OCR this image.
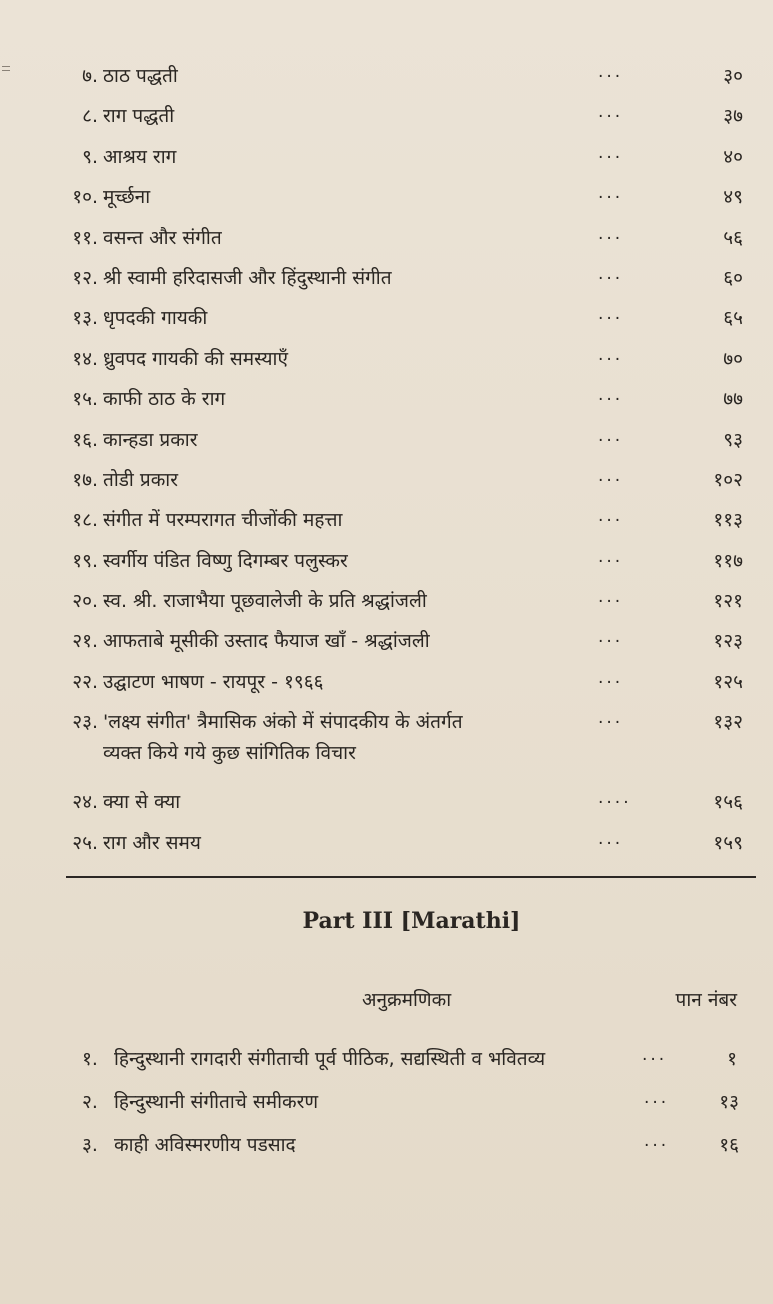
७. ठाठ पद्धती	...	३०
८. राग पद्धती	...	३७
९. आश्रय राग	...	४०
१०. मूर्च्छना	...	४९
११. वसन्त और संगीत	...	५६
१२. श्री स्वामी हरिदासजी और हिंदुस्थानी संगीत	...	६०
१३. धृपदकी गायकी	...	६५
१४. ध्रुवपद गायकी की समस्याएँ	...	७०
१५. काफी ठाठ के राग	...	७७
१६. कान्हडा प्रकार	...	९३
१७. तोडी प्रकार	...	१०२
१८. संगीत में परम्परागत चीजोंकी महत्ता	...	११३
१९. स्वर्गीय पंडित विष्णु दिगम्बर पलुस्कर	...	११७
२०. स्व. श्री. राजाभैया पूछवालेजी के प्रति श्रद्धांजली	...	१२१
२१. आफताबे मूसीकी उस्ताद फैयाज खाँ - श्रद्धांजली	...	१२३
२२. उद्घाटण भाषण - रायपूर - १९६६	...	१२५
२३. 'लक्ष्य संगीत' त्रैमासिक अंको में संपादकीय के अंतर्गत
व्यक्त किये गये कुछ सांगितिक विचार
...	१३२
२४. क्या से क्या	....	१५६
२५. राग और समय	...	१५९
Part III [Marathi]
अनुक्रमणिका	पान नंबर
१. हिन्दुस्थानी रागदारी संगीताची पूर्व पीठिक, सद्यस्थिती व भवितव्य	...	१
२. हिन्दुस्थानी संगीताचे समीकरण	...	१३
३. काही अविस्मरणीय पडसाद	...	१६
